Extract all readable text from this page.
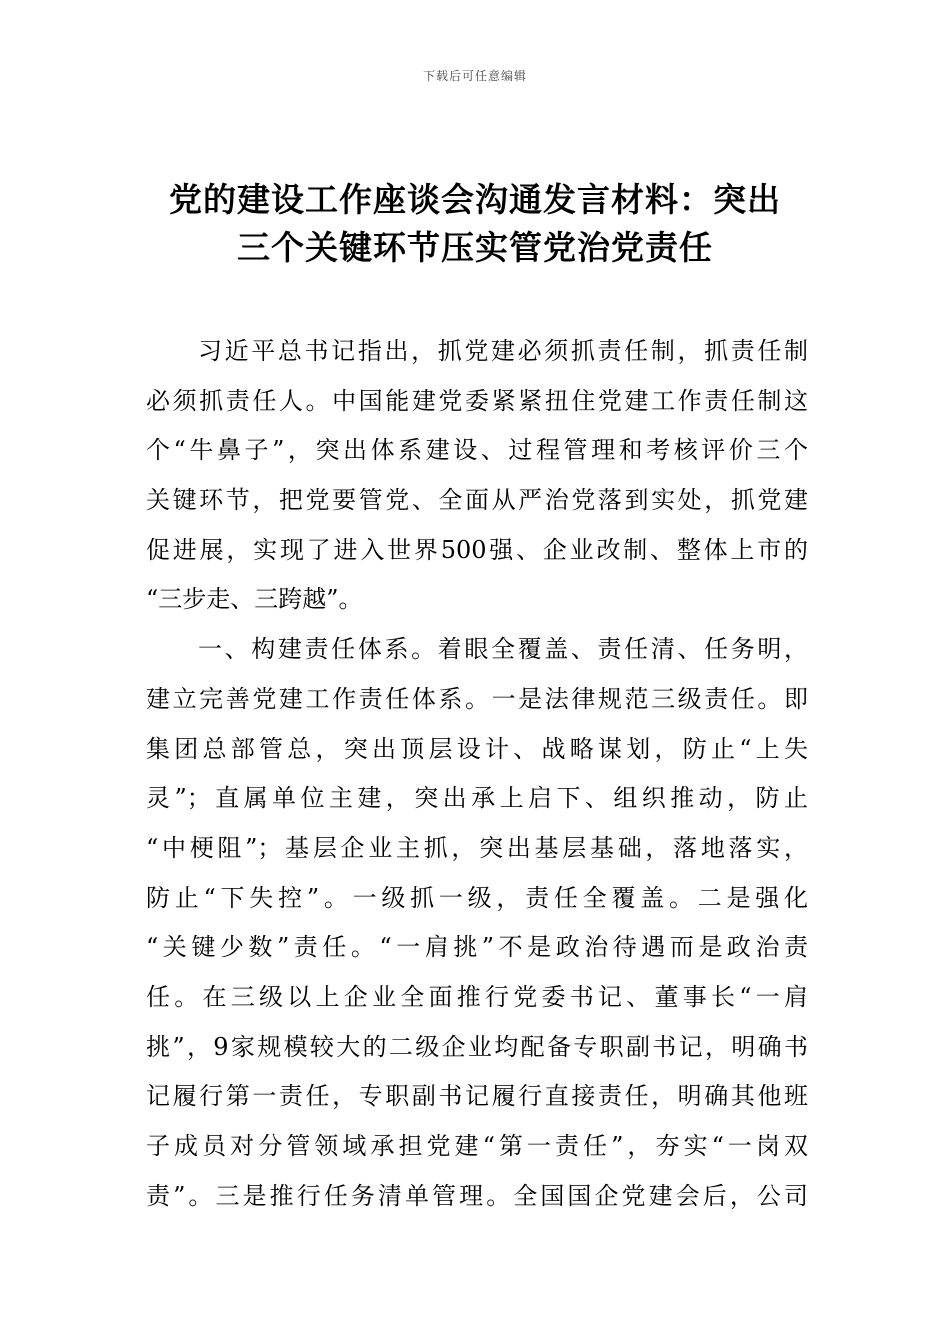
下载后可任意编辑
党的建设工作座谈会沟通发言材料：突出
三个关键环节压实管党治党责任
习近平总书记指出，抓党建必须抓责任制，抓责任制
必须抓责任人。中国能建党委紧紧扭住党建工作责任制这
个“牛鼻子”，突出体系建设、过程管理和考核评价三个
关键环节，把党要管党、全面从严治党落到实处，抓党建
促进展，实现了进入世界500强、企业改制、整体上市的
“三步走、三跨越”。
一、构建责任体系。着眼全覆盖、责任清、任务明，
建立完善党建工作责任体系。一是法律规范三级责任。即
集团总部管总，突出顶层设计、战略谋划，防止“上失
灵”；直属单位主建，突出承上启下、组织推动，防止
“中梗阻”；基层企业主抓，突出基层基础，落地落实，
防止“下失控”。一级抓一级，责任全覆盖。二是强化
“关键少数”责任。“一肩挑”不是政治待遇而是政治责
任。在三级以上企业全面推行党委书记、董事长“一肩
挑”，9家规模较大的二级企业均配备专职副书记，明确书
记履行第一责任，专职副书记履行直接责任，明确其他班
子成员对分管领域承担党建“第一责任”，夯实“一岗双
责”。三是推行任务清单管理。全国国企党建会后，公司
